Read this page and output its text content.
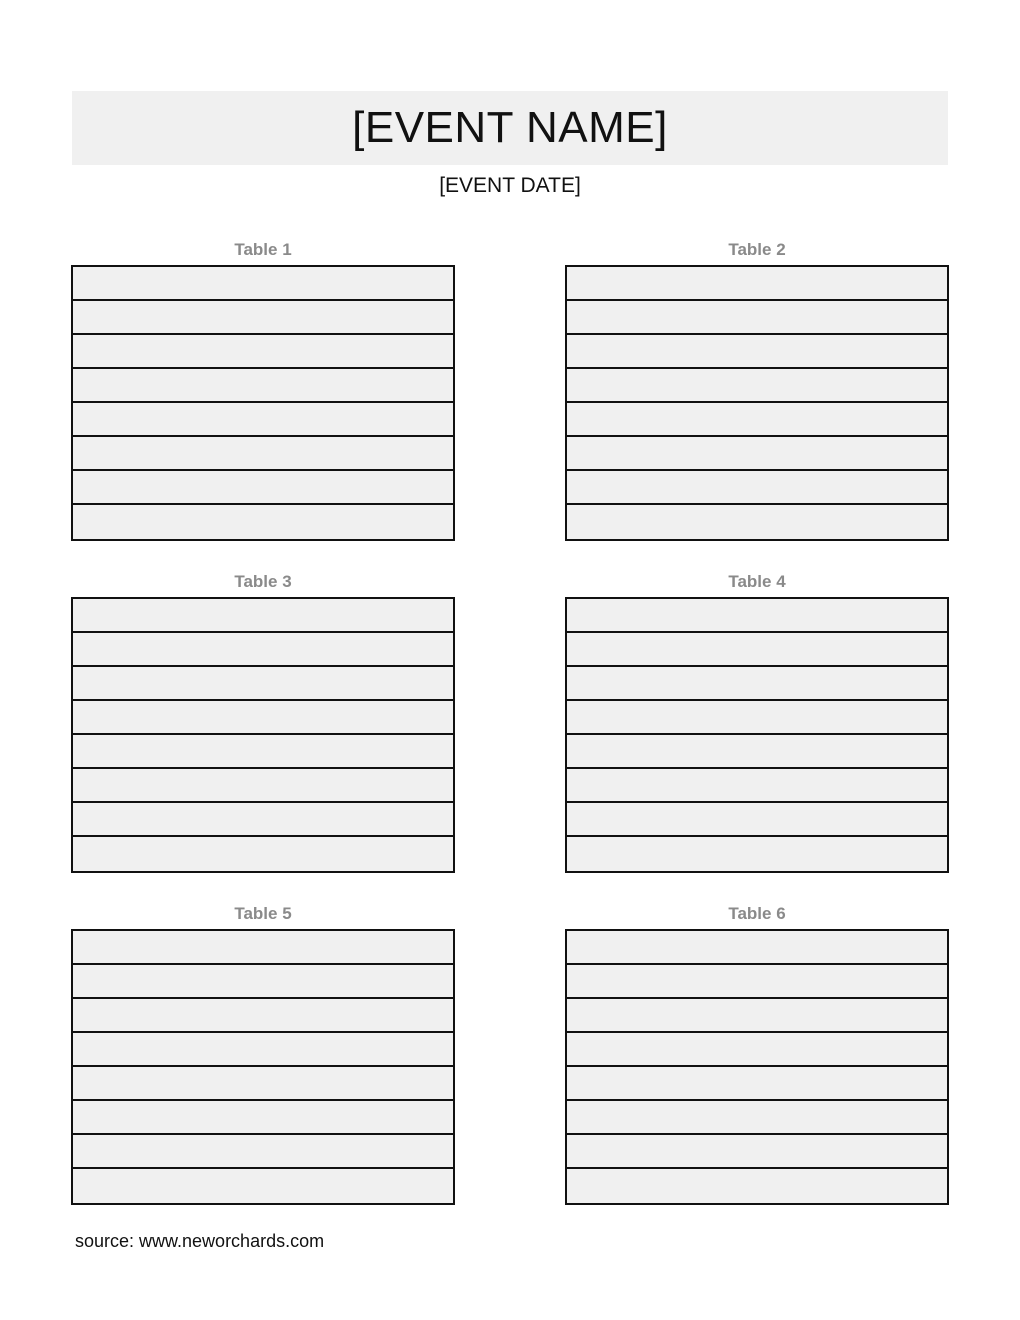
[EVENT NAME]
[EVENT DATE]
Table 1	Table 2
Table 3	Table 4
Table 5	Table 6
source: www.neworchards.com
